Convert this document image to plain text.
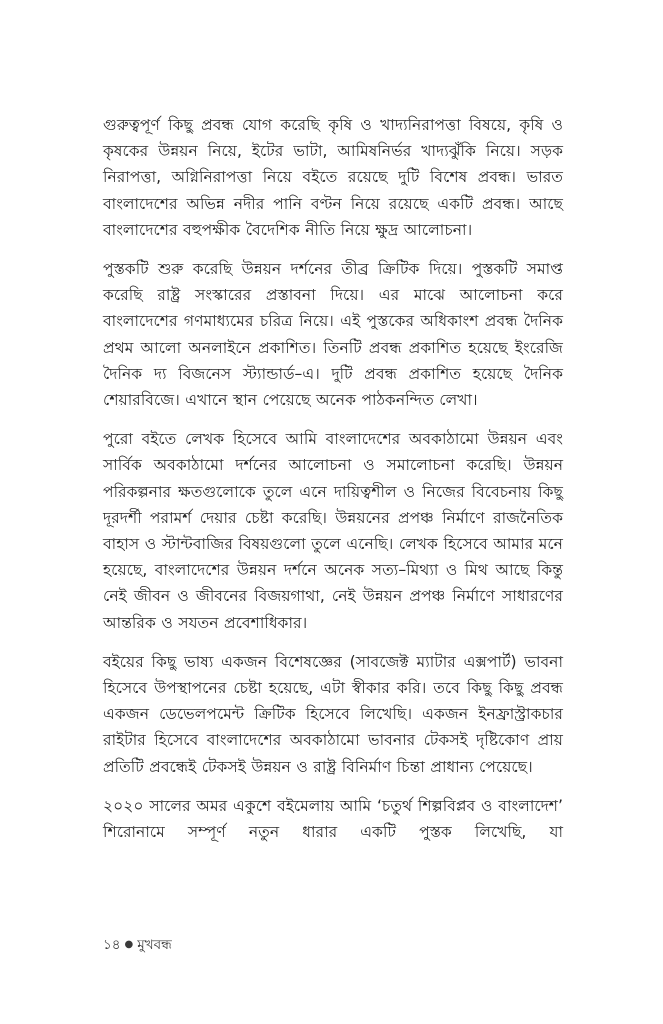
গুরুত্বপূর্ণ কিছু প্রবন্ধ যোগ করেছি কৃষি ও খাদ্যনিরাপত্তা বিষয়ে, কৃষি ও কৃষকের উন্নয়ন নিয়ে, ইটের ভাটা, আমিষনির্ভর খাদ্যঝুঁকি নিয়ে। সড়ক নিরাপত্তা, অগ্নিনিরাপত্তা নিয়ে বইতে রয়েছে দুটি বিশেষ প্রবন্ধ। ভারত বাংলাদেশের অভিন্ন নদীর পানি বণ্টন নিয়ে রয়েছে একটি প্রবন্ধ। আছে বাংলাদেশের বহুপক্ষীক বৈদেশিক নীতি নিয়ে ক্ষুদ্র আলোচনা।

পুস্তকটি শুরু করেছি উন্নয়ন দর্শনের তীব্র ক্রিটিক দিয়ে। পুস্তকটি সমাপ্ত করেছি রাষ্ট্র সংস্কারের প্রস্তাবনা দিয়ে। এর মাঝে আলোচনা করে বাংলাদেশের গণমাধ্যমের চরিত্র নিয়ে। এই পুস্তকের অধিকাংশ প্রবন্ধ দৈনিক প্রথম আলো অনলাইনে প্রকাশিত। তিনটি প্রবন্ধ প্রকাশিত হয়েছে ইংরেজি দৈনিক দ্য বিজনেস স্ট্যান্ডার্ড–এ। দুটি প্রবন্ধ প্রকাশিত হয়েছে দৈনিক শেয়ারবিজে। এখানে স্থান পেয়েছে অনেক পাঠকনন্দিত লেখা।

পুরো বইতে লেখক হিসেবে আমি বাংলাদেশের অবকাঠামো উন্নয়ন এবং সার্বিক অবকাঠামো দর্শনের আলোচনা ও সমালোচনা করেছি। উন্নয়ন পরিকল্পনার ক্ষতগুলোকে তুলে এনে দায়িত্বশীল ও নিজের বিবেচনায় কিছু দূরদর্শী পরামর্শ দেয়ার চেষ্টা করেছি। উন্নয়নের প্রপঞ্চ নির্মাণে রাজনৈতিক বাহাস ও স্টান্টবাজির বিষয়গুলো তুলে এনেছি। লেখক হিসেবে আমার মনে হয়েছে, বাংলাদেশের উন্নয়ন দর্শনে অনেক সত্য–মিথ্যা ও মিথ আছে কিন্তু নেই জীবন ও জীবনের বিজয়গাথা, নেই উন্নয়ন প্রপঞ্চ নির্মাণে সাধারণের আন্তরিক ও সযতন প্রবেশাধিকার।

বইয়ের কিছু ভাষ্য একজন বিশেষজ্ঞের (সাবজেক্ট ম্যাটার এক্সপার্ট) ভাবনা হিসেবে উপস্থাপনের চেষ্টা হয়েছে, এটা স্বীকার করি। তবে কিছু কিছু প্রবন্ধ একজন ডেভেলপমেন্ট ক্রিটিক হিসেবে লিখেছি। একজন ইনফ্রাস্ট্রাকচার রাইটার হিসেবে বাংলাদেশের অবকাঠামো ভাবনার টেকসই দৃষ্টিকোণ প্রায় প্রতিটি প্রবন্ধেই টেকসই উন্নয়ন ও রাষ্ট্র বিনির্মাণ চিন্তা প্রাধান্য পেয়েছে।

২০২০ সালের অমর একুশে বইমেলায় আমি ‘চতুর্থ শিল্পবিপ্লব ও বাংলাদেশ’ শিরোনামে সম্পূর্ণ নতুন ধারার একটি পুস্তক লিখেছি, যা

১৪ ● মুখবন্ধ
